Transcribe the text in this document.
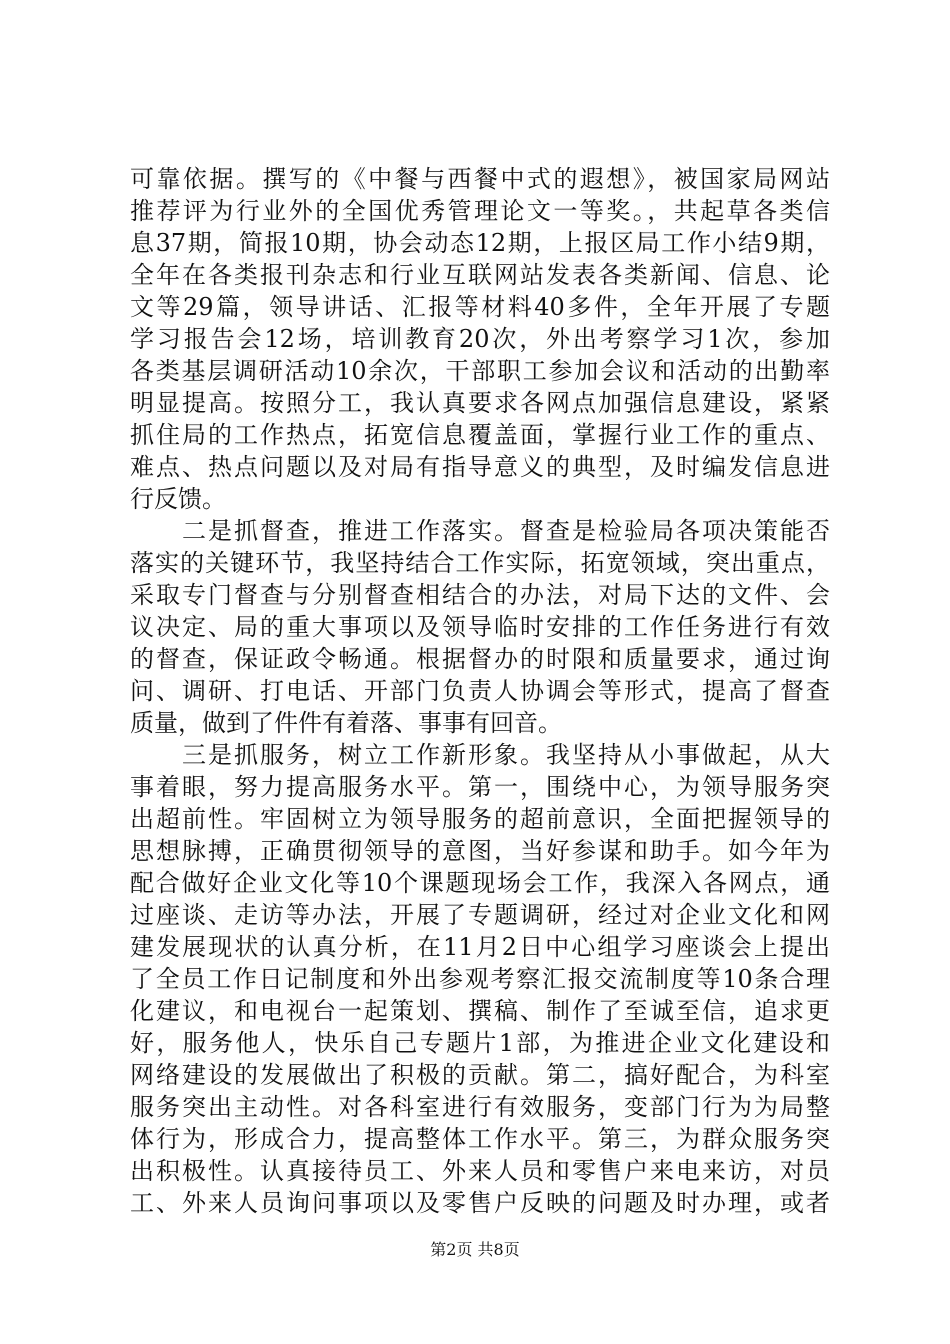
可靠依据。撰写的《中餐与西餐中式的遐想》，被国家局网站
推荐评为行业外的全国优秀管理论文一等奖。，共起草各类信
息37期，简报10期，协会动态12期，上报区局工作小结9期，
全年在各类报刊杂志和行业互联网站发表各类新闻、信息、论
文等29篇，领导讲话、汇报等材料40多件，全年开展了专题
学习报告会12场，培训教育20次，外出考察学习1次，参加
各类基层调研活动10余次，干部职工参加会议和活动的出勤率
明显提高。按照分工，我认真要求各网点加强信息建设，紧紧
抓住局的工作热点，拓宽信息覆盖面，掌握行业工作的重点、
难点、热点问题以及对局有指导意义的典型，及时编发信息进
行反馈。
　　二是抓督查，推进工作落实。督查是检验局各项决策能否
落实的关键环节，我坚持结合工作实际，拓宽领域，突出重点，
采取专门督查与分别督查相结合的办法，对局下达的文件、会
议决定、局的重大事项以及领导临时安排的工作任务进行有效
的督查，保证政令畅通。根据督办的时限和质量要求，通过询
问、调研、打电话、开部门负责人协调会等形式，提高了督查
质量，做到了件件有着落、事事有回音。
　　三是抓服务，树立工作新形象。我坚持从小事做起，从大
事着眼，努力提高服务水平。第一，围绕中心，为领导服务突
出超前性。牢固树立为领导服务的超前意识，全面把握领导的
思想脉搏，正确贯彻领导的意图，当好参谋和助手。如今年为
配合做好企业文化等10个课题现场会工作，我深入各网点，通
过座谈、走访等办法，开展了专题调研，经过对企业文化和网
建发展现状的认真分析，在11月2日中心组学习座谈会上提出
了全员工作日记制度和外出参观考察汇报交流制度等10条合理
化建议，和电视台一起策划、撰稿、制作了至诚至信，追求更
好，服务他人，快乐自己专题片1部，为推进企业文化建设和
网络建设的发展做出了积极的贡献。第二，搞好配合，为科室
服务突出主动性。对各科室进行有效服务，变部门行为为局整
体行为，形成合力，提高整体工作水平。第三，为群众服务突
出积极性。认真接待员工、外来人员和零售户来电来访，对员
工、外来人员询问事项以及零售户反映的问题及时办理，或者
第2页 共8页
